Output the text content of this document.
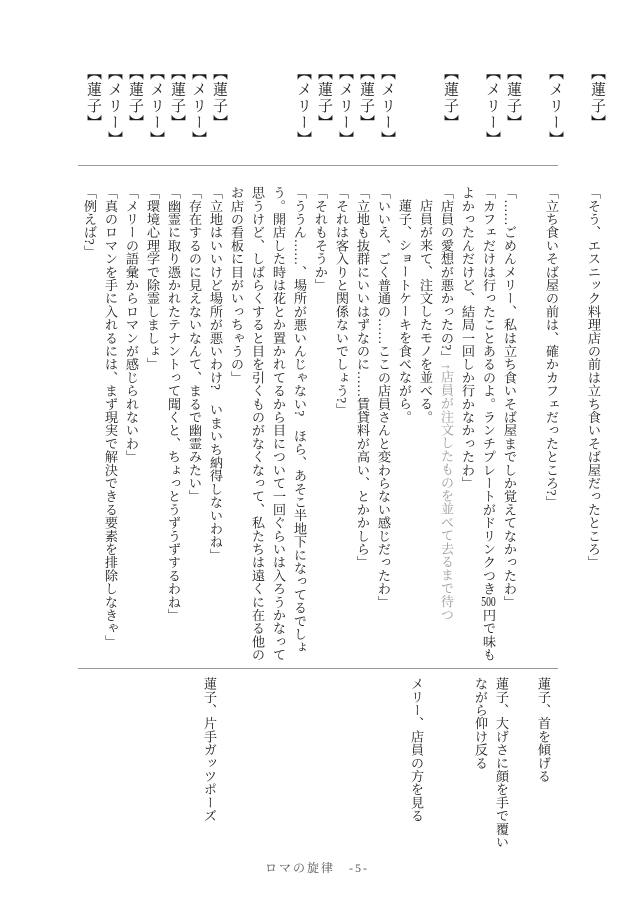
【蓮子】
「そう、エスニック料理店の前は立ち食いそば屋だったところ」
【メリー】
「立ち食いそば屋の前は、確かカフェだったところ?」
【蓮子】
「……ごめんメリー、私は立ち食いそば屋までしか覚えてなかったわ」
【メリー】
「カフェだけは行ったことあるのよ。ランチプレートがドリンクつき500円で味もよかったんだけど、結局一回しか行かなかったわ」
【蓮子】
「店員の愛想が悪かったの?」↑店員が注文したものを並べて去るまで待つ
店員が来て、注文したモノを並べる。
蓮子、ショートケーキを食べながら。
【メリー】
「いいえ、ごく普通の……ここの店員さんと変わらない感じだったわ」
【蓮子】
「立地も抜群にいいはずなのに……賃貸料が高い、とかかしら」
【メリー】
「それは客入りと関係ないでしょう?」
【蓮子】
「それもそうか」
【メリー】
「ううん……、場所が悪いんじゃない?　ほら、あそこ半地下になってるでしょう。開店した時は花とか置かれてるから目について一回ぐらいは入ろうかなって思うけど、しばらくすると目を引くものがなくなって、私たちは遠くに在る他のお店の看板に目がいっちゃうの」
【蓮子】
「立地はいいけど場所が悪いわけ?　いまいち納得しないわね」
【メリー】
「存在するのに見えないなんて、まるで幽霊みたい」
【蓮子】
「幽霊に取り憑かれたテナントって聞くと、ちょっとうずうずするわね」
【メリー】
「環境心理学で除霊しましょ」
【蓮子】
「メリーの語彙からロマンが感じられないわ」
【メリー】
「真のロマンを手に入れるには、まず現実で解決できる要素を排除しなきゃ」
【蓮子】
「例えば?」
蓮子、首を傾げる
蓮子、大げさに顔を手で覆いながら仰け反る
メリー、店員の方を見る
蓮子、片手ガッツポーズ
ロマの旋律　-5-
